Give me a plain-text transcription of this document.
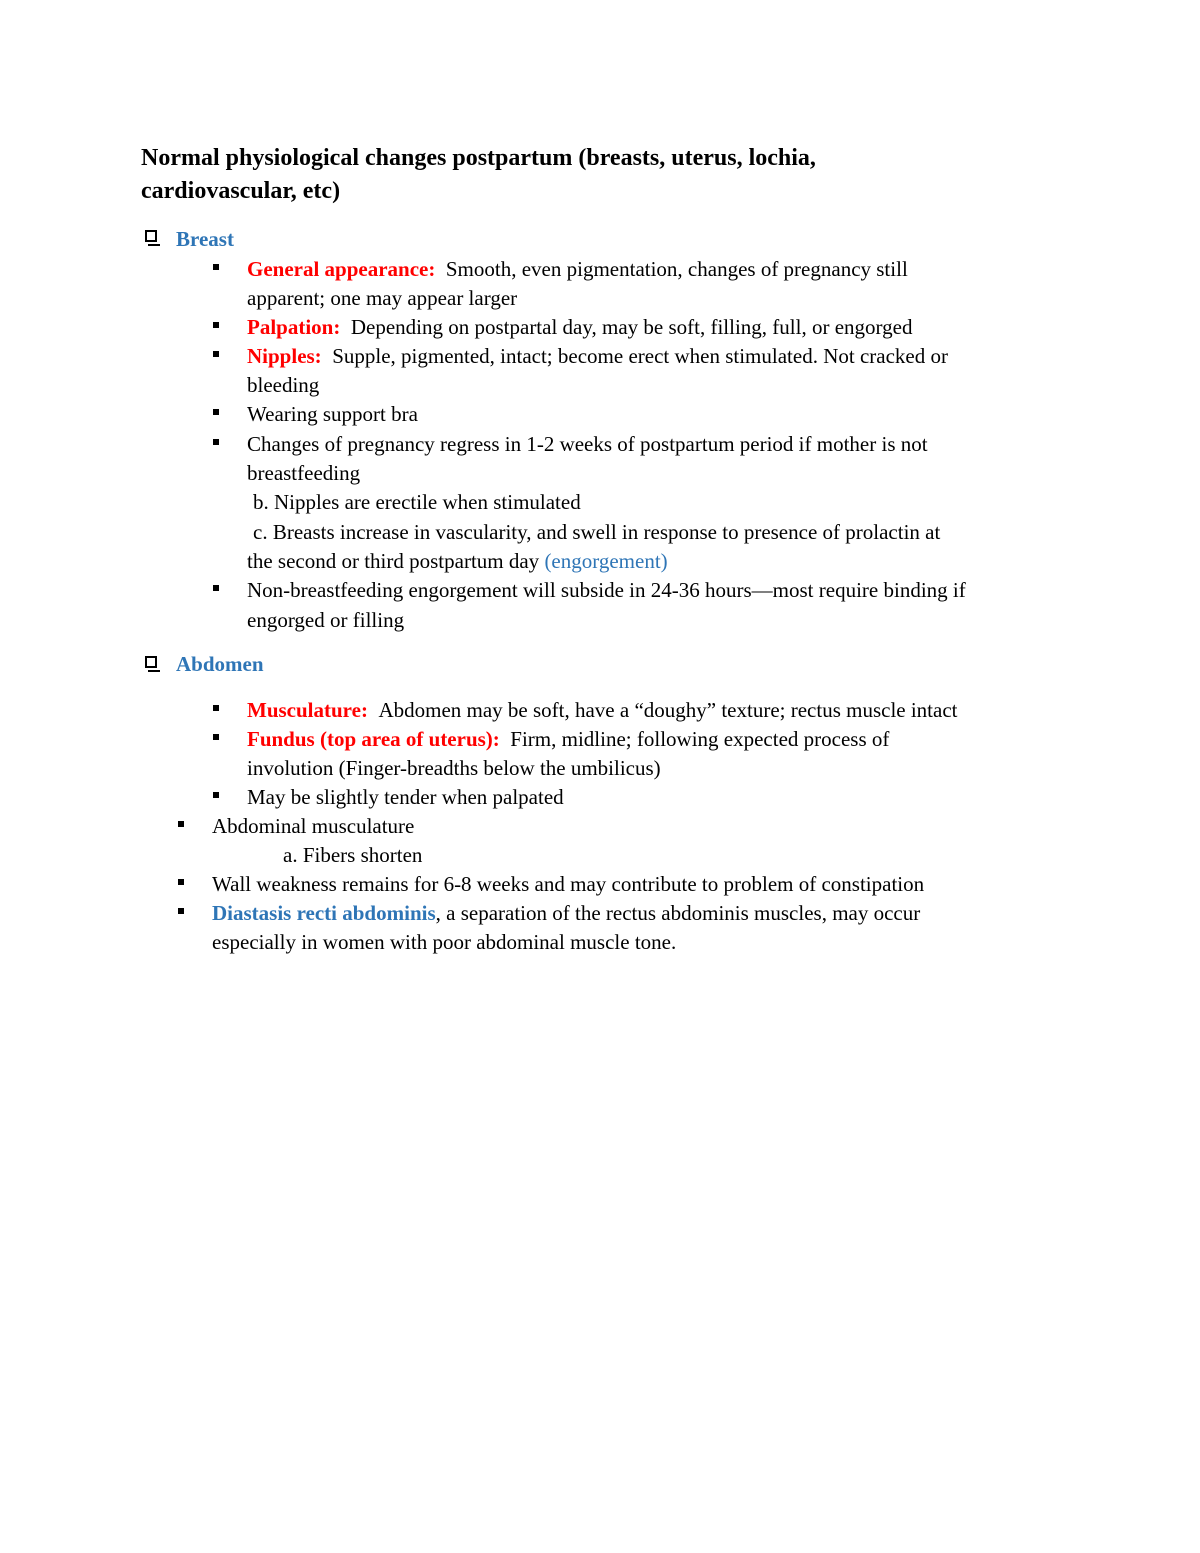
Normal physiological changes postpartum (breasts, uterus, lochia,
cardiovascular, etc)
Breast
General appearance: Smooth, even pigmentation, changes of pregnancy still
apparent; one may appear larger
Palpation: Depending on postpartal day, may be soft, filling, full, or engorged
Nipples: Supple, pigmented, intact; become erect when stimulated. Not cracked or
bleeding
Wearing support bra
Changes of pregnancy regress in 1-2 weeks of postpartum period if mother is not
breastfeeding
b. Nipples are erectile when stimulated
c. Breasts increase in vascularity, and swell in response to presence of prolactin at
the second or third postpartum day (engorgement)
Non-breastfeeding engorgement will subside in 24-36 hours—most require binding if
engorged or filling
Abdomen
Musculature: Abdomen may be soft, have a “doughy” texture; rectus muscle intact
Fundus (top area of uterus): Firm, midline; following expected process of
involution (Finger-breadths below the umbilicus)
May be slightly tender when palpated
Abdominal musculature
a. Fibers shorten
Wall weakness remains for 6-8 weeks and may contribute to problem of constipation
Diastasis recti abdominis, a separation of the rectus abdominis muscles, may occur
especially in women with poor abdominal muscle tone.
